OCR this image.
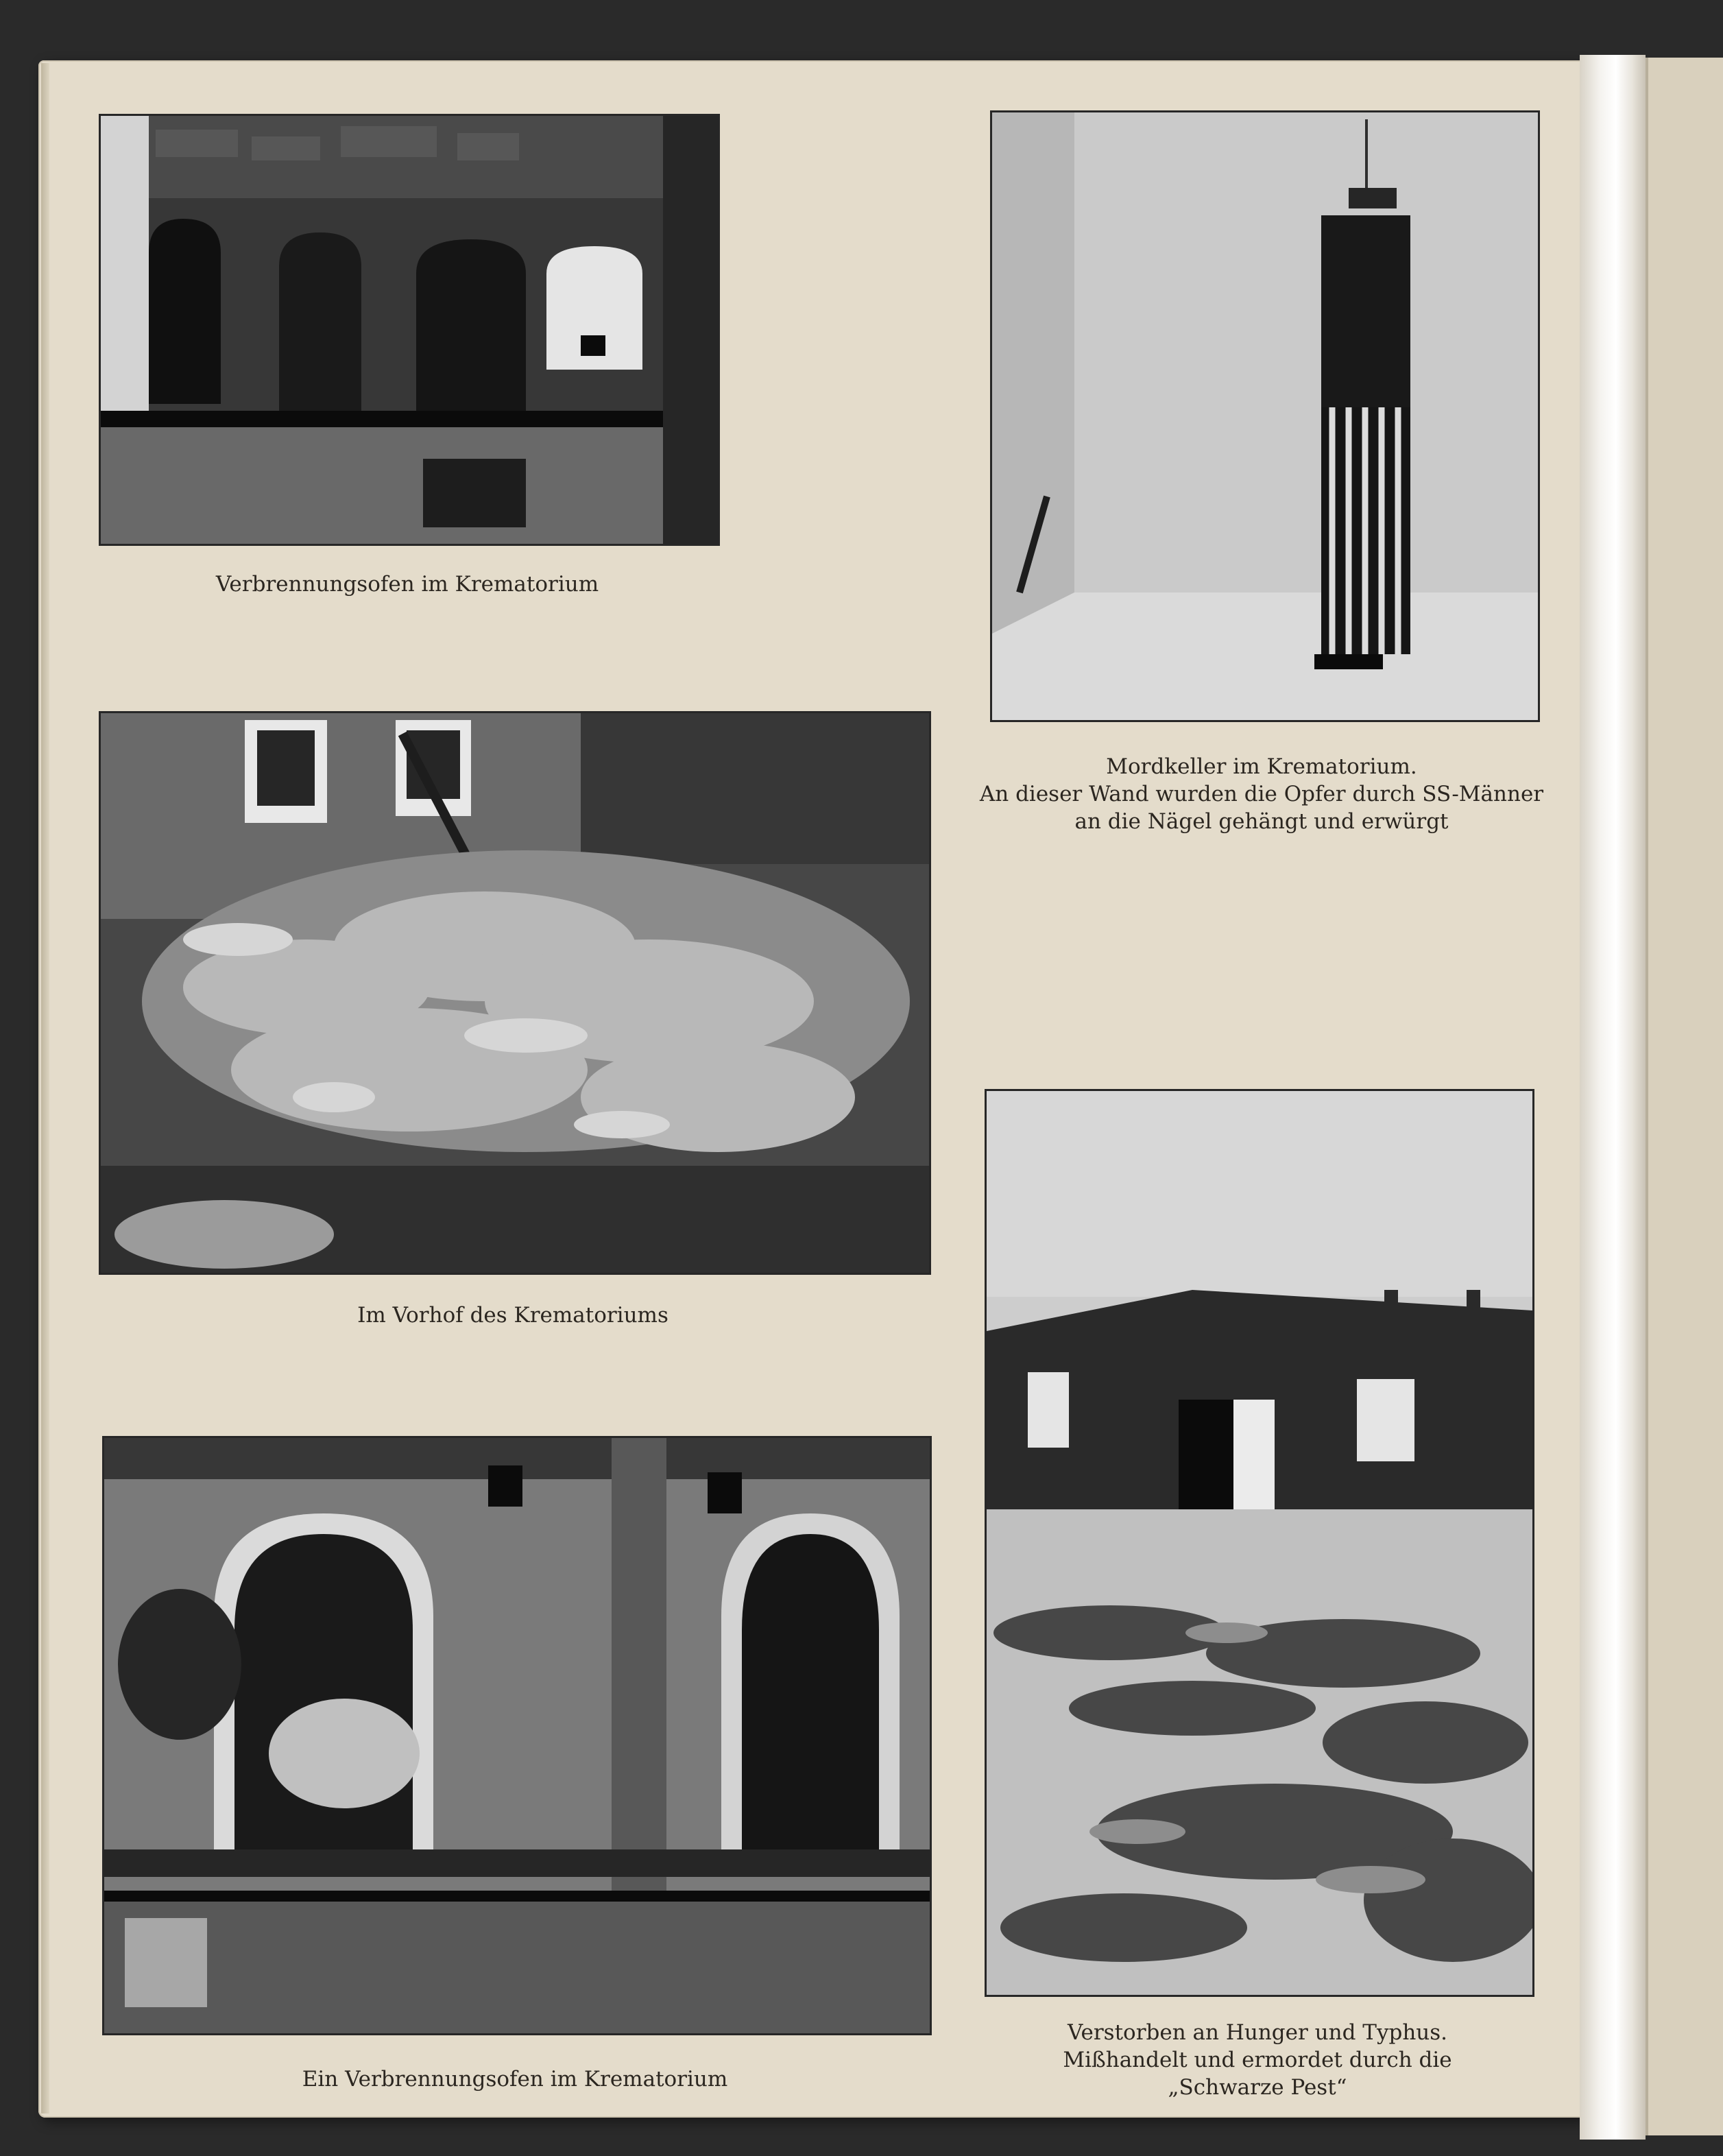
Verbrennungsofen im Krematorium
Mordkeller im Krematorium.
An dieser Wand wurden die Opfer durch SS-Männer
an die Nägel gehängt und erwürgt
Im Vorhof des Krematoriums
Verstorben an Hunger und Typhus.
Mißhandelt und ermordet durch die
„Schwarze Pest“
Ein Verbrennungsofen im Krematorium
